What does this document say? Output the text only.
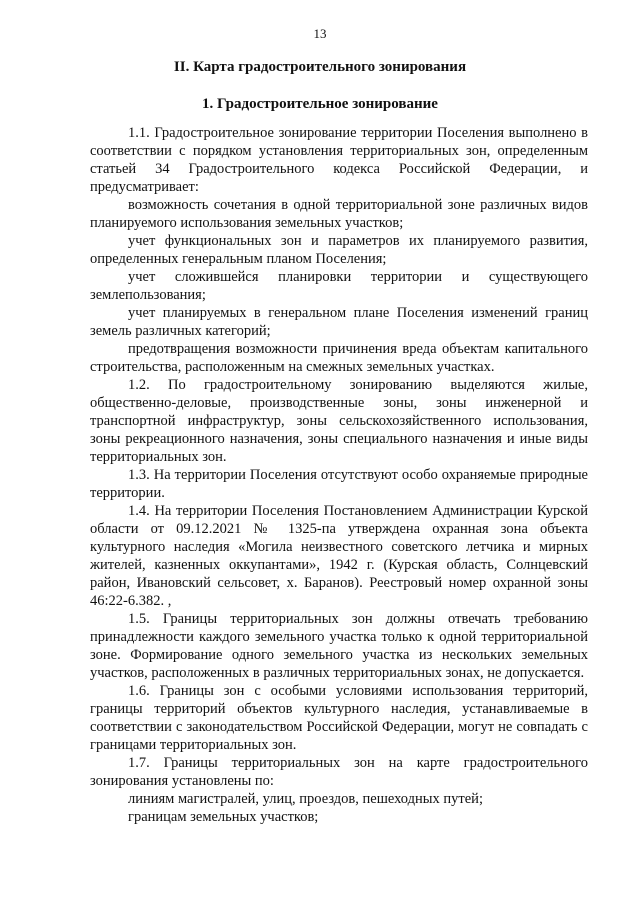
13
II. Карта градостроительного зонирования
1. Градостроительное зонирование

1.1. Градостроительное зонирование территории Поселения выполнено в соответствии с порядком установления территориальных зон, определенным статьей 34 Градостроительного кодекса Российской Федерации, и предусматривает:

возможность сочетания в одной территориальной зоне различных видов планируемого использования земельных участков;

учет функциональных зон и параметров их планируемого развития, определенных генеральным планом Поселения;

учет сложившейся планировки территории и существующего землепользования;

учет планируемых в генеральном плане Поселения изменений границ земель различных категорий;

предотвращения возможности причинения вреда объектам капитального строительства, расположенным на смежных земельных участках.

1.2. По градостроительному зонированию выделяются жилые, общественно-деловые, производственные зоны, зоны инженерной и транспортной инфраструктур, зоны сельскохозяйственного использования, зоны рекреационного назначения, зоны специального назначения и иные виды территориальных зон.

1.3. На территории Поселения отсутствуют особо охраняемые природные территории.

1.4. На территории Поселения Постановлением Администрации Курской области от 09.12.2021 № 1325-па утверждена охранная зона объекта культурного наследия «Могила неизвестного советского летчика и мирных жителей, казненных оккупантами», 1942 г. (Курская область, Солнцевский район, Ивановский сельсовет, х. Баранов). Реестровый номер охранной зоны 46:22-6.382. ,

1.5. Границы территориальных зон должны отвечать требованию принадлежности каждого земельного участка только к одной территориальной зоне. Формирование одного земельного участка из нескольких земельных участков, расположенных в различных территориальных зонах, не допускается.

1.6. Границы зон с особыми условиями использования территорий, границы территорий объектов культурного наследия, устанавливаемые в соответствии с законодательством Российской Федерации, могут не совпадать с границами территориальных зон.

1.7. Границы территориальных зон на карте градостроительного зонирования установлены по:

линиям магистралей, улиц, проездов, пешеходных путей;

границам земельных участков;
